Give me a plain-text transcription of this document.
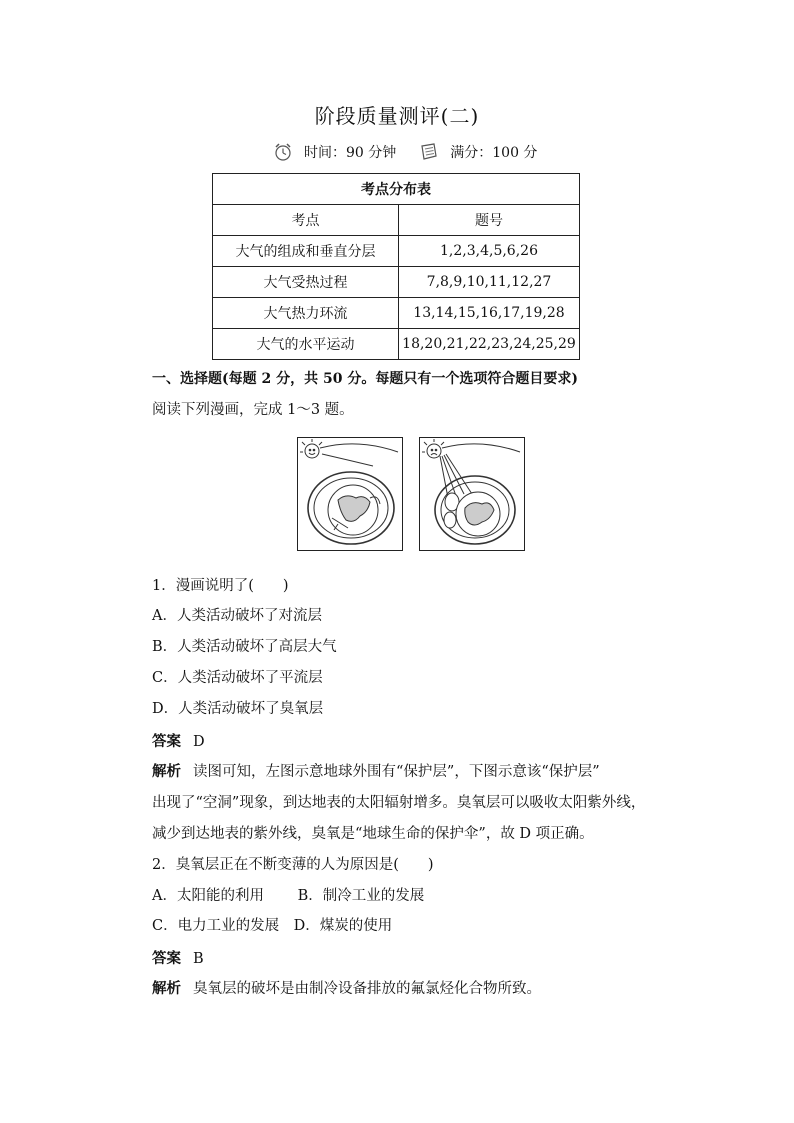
阶段质量测评(二)
时间：90 分钟	满分：100 分
考点分布表	
考点	题号
大气的组成和垂直分层	1,2,3,4,5,6,26
大气受热过程	7,8,9,10,11,12,27
大气热力环流	13,14,15,16,17,19,28
大气的水平运动	18,20,21,22,23,24,25,29
一、选择题(每题 2 分，共 50 分。每题只有一个选项符合题目要求)
阅读下列漫画，完成 1～3 题。
1．漫画说明了(　　)
A．人类活动破坏了对流层
B．人类活动破坏了高层大气
C．人类活动破坏了平流层
D．人类活动破坏了臭氧层
答案 D
解析 读图可知，左图示意地球外围有“保护层”，下图示意该“保护层”
出现了“空洞”现象，到达地表的太阳辐射增多。臭氧层可以吸收太阳紫外线，
减少到达地表的紫外线，臭氧是“地球生命的保护伞”，故 D 项正确。
2．臭氧层正在不断变薄的人为原因是(　　)
A．太阳能的利用　　 B．制冷工业的发展
C．电力工业的发展　D．煤炭的使用
答案 B
解析 臭氧层的破坏是由制冷设备排放的氟氯烃化合物所致。
